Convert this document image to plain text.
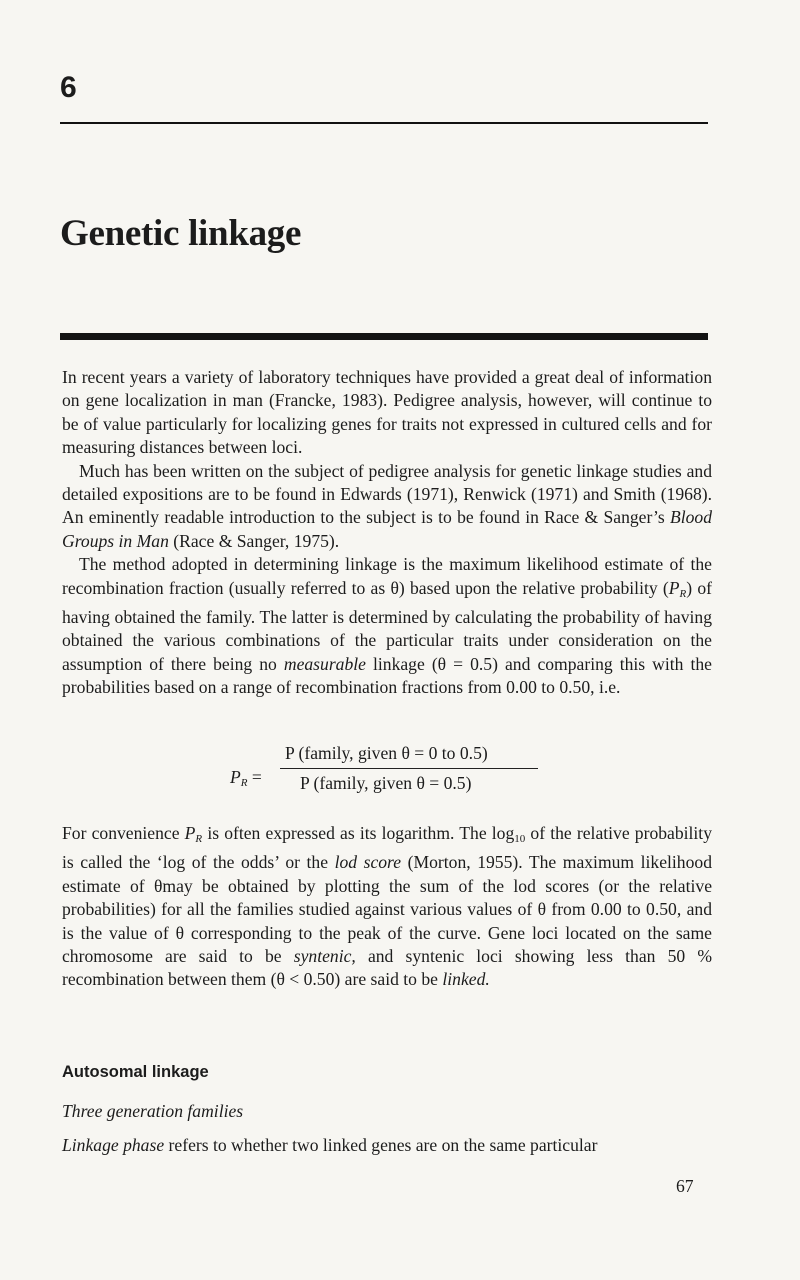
6
Genetic linkage

In recent years a variety of laboratory techniques have provided a great deal of information on gene localization in man (Francke, 1983). Pedigree analysis, however, will continue to be of value particularly for localizing genes for traits not expressed in cultured cells and for measuring distances between loci.

Much has been written on the subject of pedigree analysis for genetic linkage studies and detailed expositions are to be found in Edwards (1971), Renwick (1971) and Smith (1968). An eminently readable introduction to the subject is to be found in Race & Sanger’s Blood Groups in Man (Race & Sanger, 1975).

The method adopted in determining linkage is the maximum likelihood estimate of the recombination fraction (usually referred to as θ) based upon the relative probability $(P_R)$ of having obtained the family. The latter is determined by calculating the probability of having obtained the various combinations of the particular traits under consideration on the assumption of there being no measurable linkage (θ = 0.5) and comparing this with the probabilities based on a range of recombination fractions from 0.00 to 0.50, i.e.

$P_R$ =
P (family, given θ = 0 to 0.5)
P (family, given θ = 0.5)

For convenience $P_R$ is often expressed as its logarithm. The $\log_{10}$ of the relative probability is called the ‘log of the odds’ or the lod score (Morton, 1955). The maximum likelihood estimate of θmay be obtained by plotting the sum of the lod scores (or the relative probabilities) for all the families studied against various values of θ from 0.00 to 0.50, and is the value of θ corresponding to the peak of the curve. Gene loci located on the same chromosome are said to be syntenic, and syntenic loci showing less than 50 % recombination between them (θ < 0.50) are said to be linked.

Autosomal linkage
Three generation families
Linkage phase refers to whether two linked genes are on the same particular
67
